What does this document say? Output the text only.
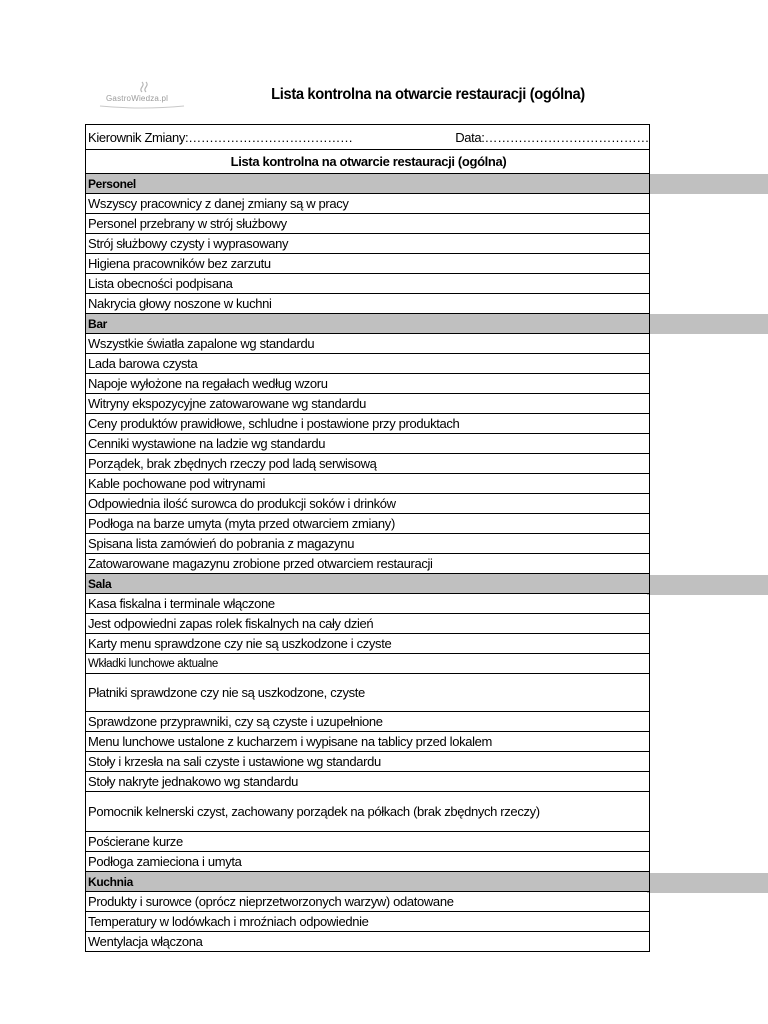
GastroWiedza.pl	Lista kontrolna na otwarcie restauracji (ogólna)
Kierownik Zmiany:…………………………………	Data:…………………………………
Lista kontrolna na otwarcie restauracji (ogólna)
Personel
Wszyscy pracownicy z danej zmiany są w pracy
Personel przebrany w strój służbowy
Strój służbowy czysty i wyprasowany
Higiena pracowników bez zarzutu
Lista obecności podpisana
Nakrycia głowy noszone w kuchni
Bar
Wszystkie światła zapalone wg standardu
Lada barowa czysta
Napoje wyłożone na regałach według wzoru
Witryny ekspozycyjne zatowarowane wg standardu
Ceny produktów prawidłowe, schludne i postawione przy produktach
Cenniki wystawione na ladzie wg standardu
Porządek, brak zbędnych rzeczy pod ladą serwisową
Kable pochowane pod witrynami
Odpowiednia ilość surowca do produkcji soków i drinków
Podłoga na barze umyta (myta przed otwarciem zmiany)
Spisana lista zamówień do pobrania z magazynu
Zatowarowane magazynu zrobione przed otwarciem restauracji
Sala
Kasa fiskalna i terminale włączone
Jest odpowiedni zapas rolek fiskalnych na cały dzień
Karty menu sprawdzone czy nie są uszkodzone i czyste
Wkładki lunchowe aktualne
Płatniki sprawdzone czy nie są uszkodzone, czyste
Sprawdzone przyprawniki, czy są czyste i uzupełnione
Menu lunchowe ustalone z kucharzem i wypisane na tablicy przed lokalem
Stoły i krzesła na sali czyste i ustawione wg standardu
Stoły nakryte jednakowo wg standardu
Pomocnik kelnerski czyst, zachowany porządek na półkach (brak zbędnych rzeczy)
Pościerane kurze
Podłoga zamieciona i umyta
Kuchnia
Produkty i surowce (oprócz nieprzetworzonych warzyw) odatowane
Temperatury w lodówkach i mroźniach odpowiednie
Wentylacja włączona
